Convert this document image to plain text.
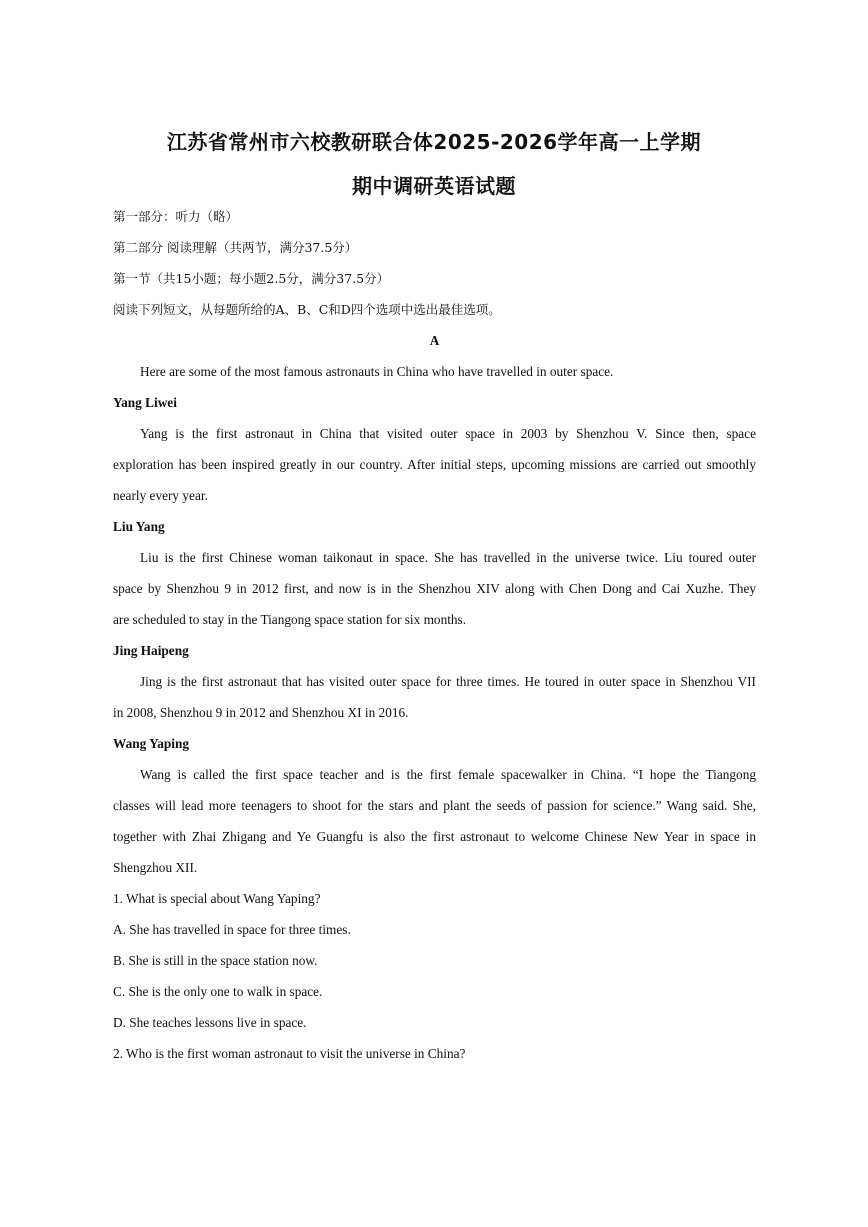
江苏省常州市六校教研联合体2025-2026学年高一上学期
期中调研英语试题
第一部分：听力（略）
第二部分 阅读理解（共两节，满分37.5分）
第一节（共15小题；每小题2.5分，满分37.5分）
阅读下列短文，从每题所给的A、B、C和D四个选项中选出最佳选项。
A
Here are some of the most famous astronauts in China who have travelled in outer space.
Yang Liwei
Yang is the first astronaut in China that visited outer space in 2003 by Shenzhou V. Since then, space
exploration has been inspired greatly in our country. After initial steps, upcoming missions are carried out smoothly
nearly every year.
Liu Yang
Liu is the first Chinese woman taikonaut in space. She has travelled in the universe twice. Liu toured outer
space by Shenzhou 9 in 2012 first, and now is in the Shenzhou XIV along with Chen Dong and Cai Xuzhe. They
are scheduled to stay in the Tiangong space station for six months.
Jing Haipeng
Jing is the first astronaut that has visited outer space for three times. He toured in outer space in Shenzhou VII
in 2008, Shenzhou 9 in 2012 and Shenzhou XI in 2016.
Wang Yaping
Wang is called the first space teacher and is the first female spacewalker in China. “I hope the Tiangong
classes will lead more teenagers to shoot for the stars and plant the seeds of passion for science.” Wang said. She,
together with Zhai Zhigang and Ye Guangfu is also the first astronaut to welcome Chinese New Year in space in
Shengzhou XII.
1. What is special about Wang Yaping?
A. She has travelled in space for three times.
B. She is still in the space station now.
C. She is the only one to walk in space.
D. She teaches lessons live in space.
2. Who is the first woman astronaut to visit the universe in China?
